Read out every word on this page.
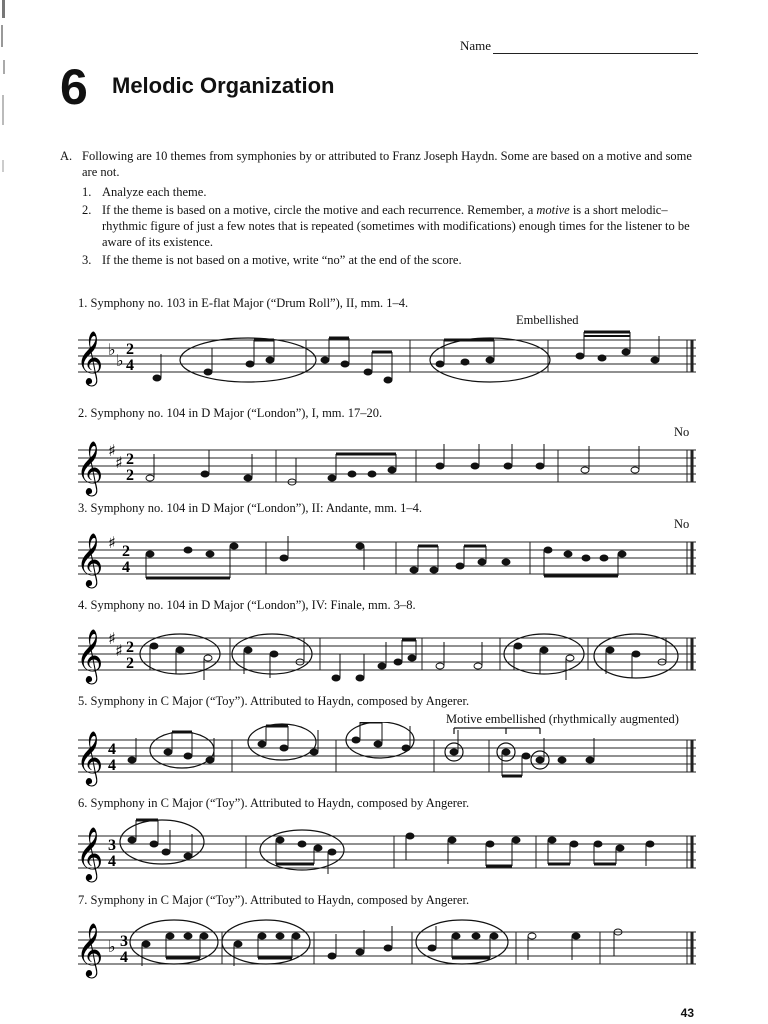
Name
6 Melodic Organization
A. Following are 10 themes from symphonies by or attributed to Franz Joseph Haydn. Some are based on a motive and some are not.
1. Analyze each theme.
2. If the theme is based on a motive, circle the motive and each recurrence. Remember, a motive is a short melodic–rhythmic figure of just a few notes that is repeated (sometimes with modifications) enough times for the listener to be aware of its existence.
3. If the theme is not based on a motive, write “no” at the end of the score.
1. Symphony no. 103 in E-flat Major (“Drum Roll”), II, mm. 1–4.
2. Symphony no. 104 in D Major (“London”), I, mm. 17–20.
3. Symphony no. 104 in D Major (“London”), II: Andante, mm. 1–4.
4. Symphony no. 104 in D Major (“London”), IV: Finale, mm. 3–8.
5. Symphony in C Major (“Toy”). Attributed to Haydn, composed by Angerer.
6. Symphony in C Major (“Toy”). Attributed to Haydn, composed by Angerer.
7. Symphony in C Major (“Toy”). Attributed to Haydn, composed by Angerer.
Embellished
No
No
Motive embellished (rhythmically augmented)
𝄞 ♭
♭
2
4
𝄞 ♯
♯ 2
2
𝄞 ♯ 2
4
𝄞 ♯
♯ 2
2
𝄞 4
4
𝄞 3
4
𝄞 ♭ 3
4
43
